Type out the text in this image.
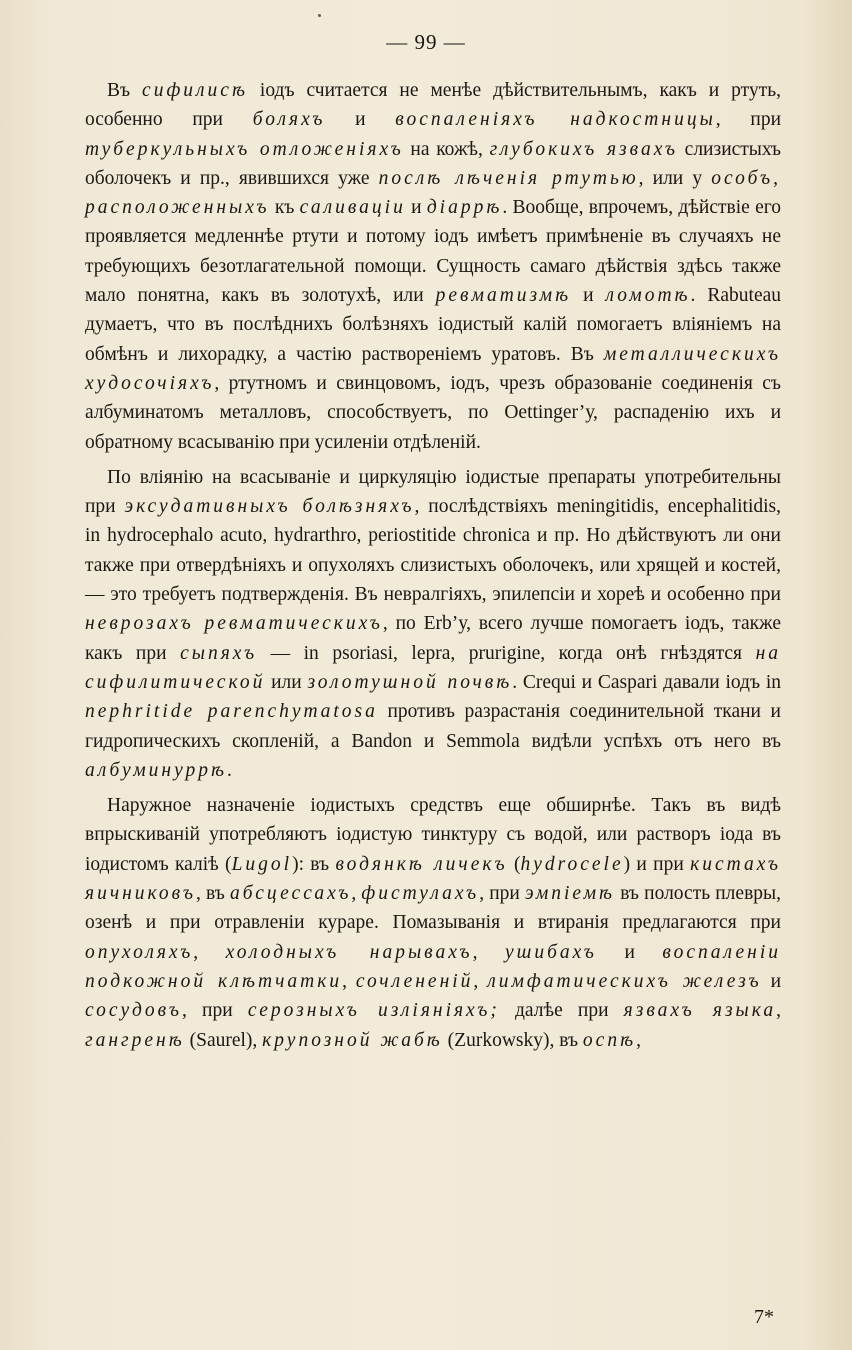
— 99 —

Въ сифилисѣ іодъ считается не менѣе дѣйствительнымъ, какъ и ртуть, особенно при боляхъ и воспаленіяхъ надкостницы, при туберкульныхъ отложеніяхъ на кожѣ, глубокихъ язвахъ слизистыхъ оболочекъ и пр., явившихся уже послѣ лѣченія ртутью, или у особъ, расположенныхъ къ саливаціи и діаррѣ. Вообще, впрочемъ, дѣйствіе его проявляется медленнѣе ртути и потому іодъ имѣетъ примѣненіе въ случаяхъ не требующихъ безотлагательной помощи. Сущность самаго дѣйствія здѣсь также мало понятна, какъ въ золотухѣ, или ревматизмѣ и ломотѣ. Rabuteau думаетъ, что въ послѣднихъ болѣзняхъ іодистый калій помогаетъ вліяніемъ на обмѣнъ и лихорадку, а частію раствореніемъ уратовъ. Въ металлическихъ худосочіяхъ, ртутномъ и свинцовомъ, іодъ, чрезъ образованіе соединенія съ албуминатомъ металловъ, способствуетъ, по Oettinger’у, распаденію ихъ и обратному всасыванію при усиленіи отдѣленій.

По вліянію на всасываніе и циркуляцію іодистые препараты употребительны при эксудативныхъ болѣзняхъ, послѣдствіяхъ meningitidis, encephalitidis, in hydrocephalo acuto, hydrarthro, periostitide chronica и пр. Но дѣйствуютъ ли они также при отвердѣніяхъ и опухоляхъ слизистыхъ оболочекъ, или хрящей и костей,— это требуетъ подтвержденія. Въ невралгіяхъ, эпилепсіи и хореѣ и особенно при неврозахъ ревматическихъ, по Erb’у, всего лучше помогаетъ іодъ, также какъ при сыпяхъ — in psoriasi, lepra, prurigine, когда онѣ гнѣздятся на сифилитической или золотушной почвѣ. Crequi и Caspari давали іодъ in nephritide parenchymatosa противъ разрастанія соединительной ткани и гидропическихъ скопленій, а Bandon и Semmola видѣли успѣхъ отъ него въ албуминуррѣ.

Наружное назначеніе іодистыхъ средствъ еще обширнѣе. Такъ въ видѣ впрыскиваній употребляютъ іодистую тинктуру съ водой, или растворъ іода въ іодистомъ каліѣ (Lugol): въ водянкѣ личекъ (hydrocele) и при кистахъ яичниковъ, въ абсцессахъ, фистулахъ, при эмпіемѣ въ полость плевры, озенѣ и при отравленіи кураре. Помазыванія и втиранія предлагаются при опухоляхъ, холодныхъ нарывахъ, ушибахъ и воспаленіи подкожной клѣтчатки, сочлененій, лимфатическихъ железъ и сосудовъ, при серозныхъ изліяніяхъ; далѣе при язвахъ языка, гангренѣ (Saurel), крупозной жабѣ (Zurkowsky), въ оспѣ,

7*
